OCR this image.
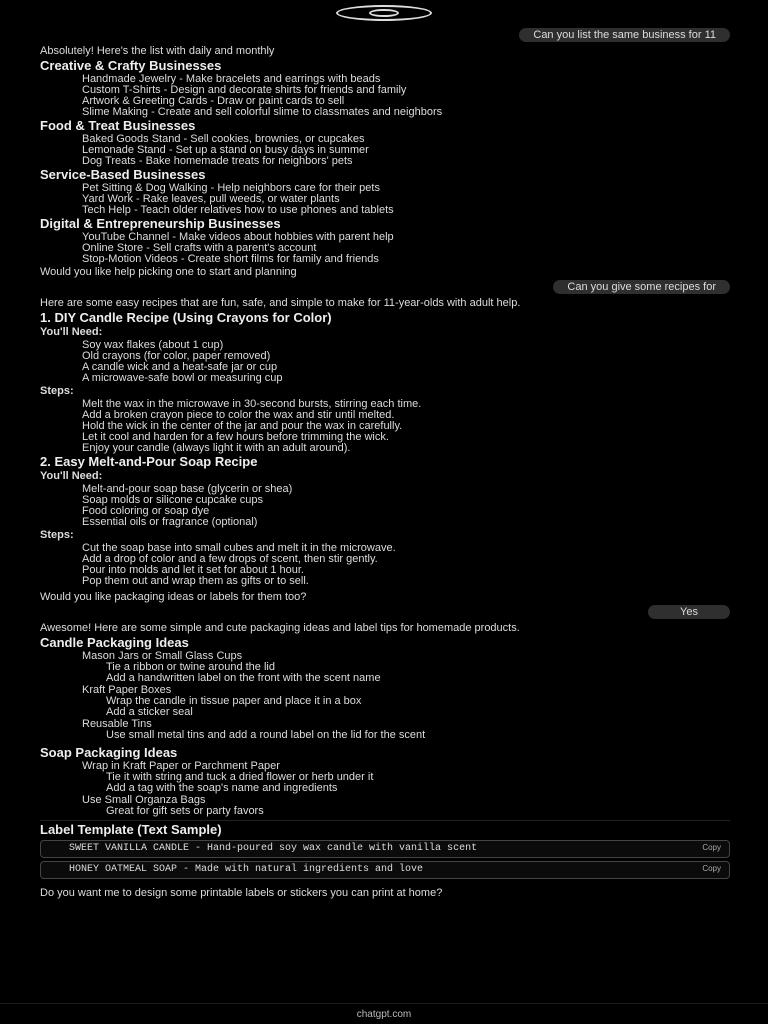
Can you list the same business for 11

Absolutely! Here's the list with daily and monthly

Creative & Crafty Businesses
1. Handmade Jewelry - Make bracelets and earrings with beads
2. Custom T-Shirts - Design and decorate shirts for friends and family
3. Artwork & Greeting Cards - Draw or paint cards to sell
4. Slime Making - Create and sell colorful slime to classmates and neighbors
Food & Treat Businesses
5. Baked Goods Stand - Sell cookies, brownies, or cupcakes
6. Lemonade Stand - Set up a stand on busy days in summer
7. Dog Treats - Bake homemade treats for neighbors' pets
Service-Based Businesses
8. Pet Sitting & Dog Walking - Help neighbors care for their pets
9. Yard Work - Rake leaves, pull weeds, or water plants
10. Tech Help - Teach older relatives how to use phones and tablets
Digital & Entrepreneurship Businesses
11. YouTube Channel - Make videos about hobbies with parent help
12. Online Store - Sell crafts with a parent's account
13. Stop-Motion Videos - Create short films for family and friends

Would you like help picking one to start and planning

Can you give some recipes for

Here are some easy recipes that are fun, safe, and simple to make for 11-year-olds with adult help.

1. DIY Candle Recipe (Using Crayons for Color)

You'll Need:

• Soy wax flakes (about 1 cup)
• Old crayons (for color, paper removed)
• A candle wick and a heat-safe jar or cup
• A microwave-safe bowl or measuring cup

Steps:

1. Melt the wax in the microwave in 30-second bursts, stirring each time.
2. Add a broken crayon piece to color the wax and stir until melted.
3. Hold the wick in the center of the jar and pour the wax in carefully.
4. Let it cool and harden for a few hours before trimming the wick.
5. Enjoy your candle (always light it with an adult around).
2. Easy Melt-and-Pour Soap Recipe

You'll Need:

• Melt-and-pour soap base (glycerin or shea)
• Soap molds or silicone cupcake cups
• Food coloring or soap dye
• Essential oils or fragrance (optional)

Steps:

1. Cut the soap base into small cubes and melt it in the microwave.
2. Add a drop of color and a few drops of scent, then stir gently.
3. Pour into molds and let it set for about 1 hour.
4. Pop them out and wrap them as gifts or to sell.

Would you like packaging ideas or labels for them too?

Yes

Awesome! Here are some simple and cute packaging ideas and label tips for homemade products.

Candle Packaging Ideas
1. Mason Jars or Small Glass Cups
◦ Tie a ribbon or twine around the lid
◦ Add a handwritten label on the front with the scent name
2. Kraft Paper Boxes
◦ Wrap the candle in tissue paper and place it in a box
◦ Add a sticker seal
3. Reusable Tins
◦ Use small metal tins and add a round label on the lid for the scent
Soap Packaging Ideas
1. Wrap in Kraft Paper or Parchment Paper
◦ Tie it with string and tuck a dried flower or herb under it
◦ Add a tag with the soap's name and ingredients
2. Use Small Organza Bags
◦ Great for gift sets or party favors
Label Template (Text Sample)
Copy
SWEET VANILLA CANDLE - Hand-poured soy wax candle with vanilla scent
Copy
HONEY OATMEAL SOAP - Made with natural ingredients and love

Do you want me to design some printable labels or stickers you can print at home?

chatgpt.com
